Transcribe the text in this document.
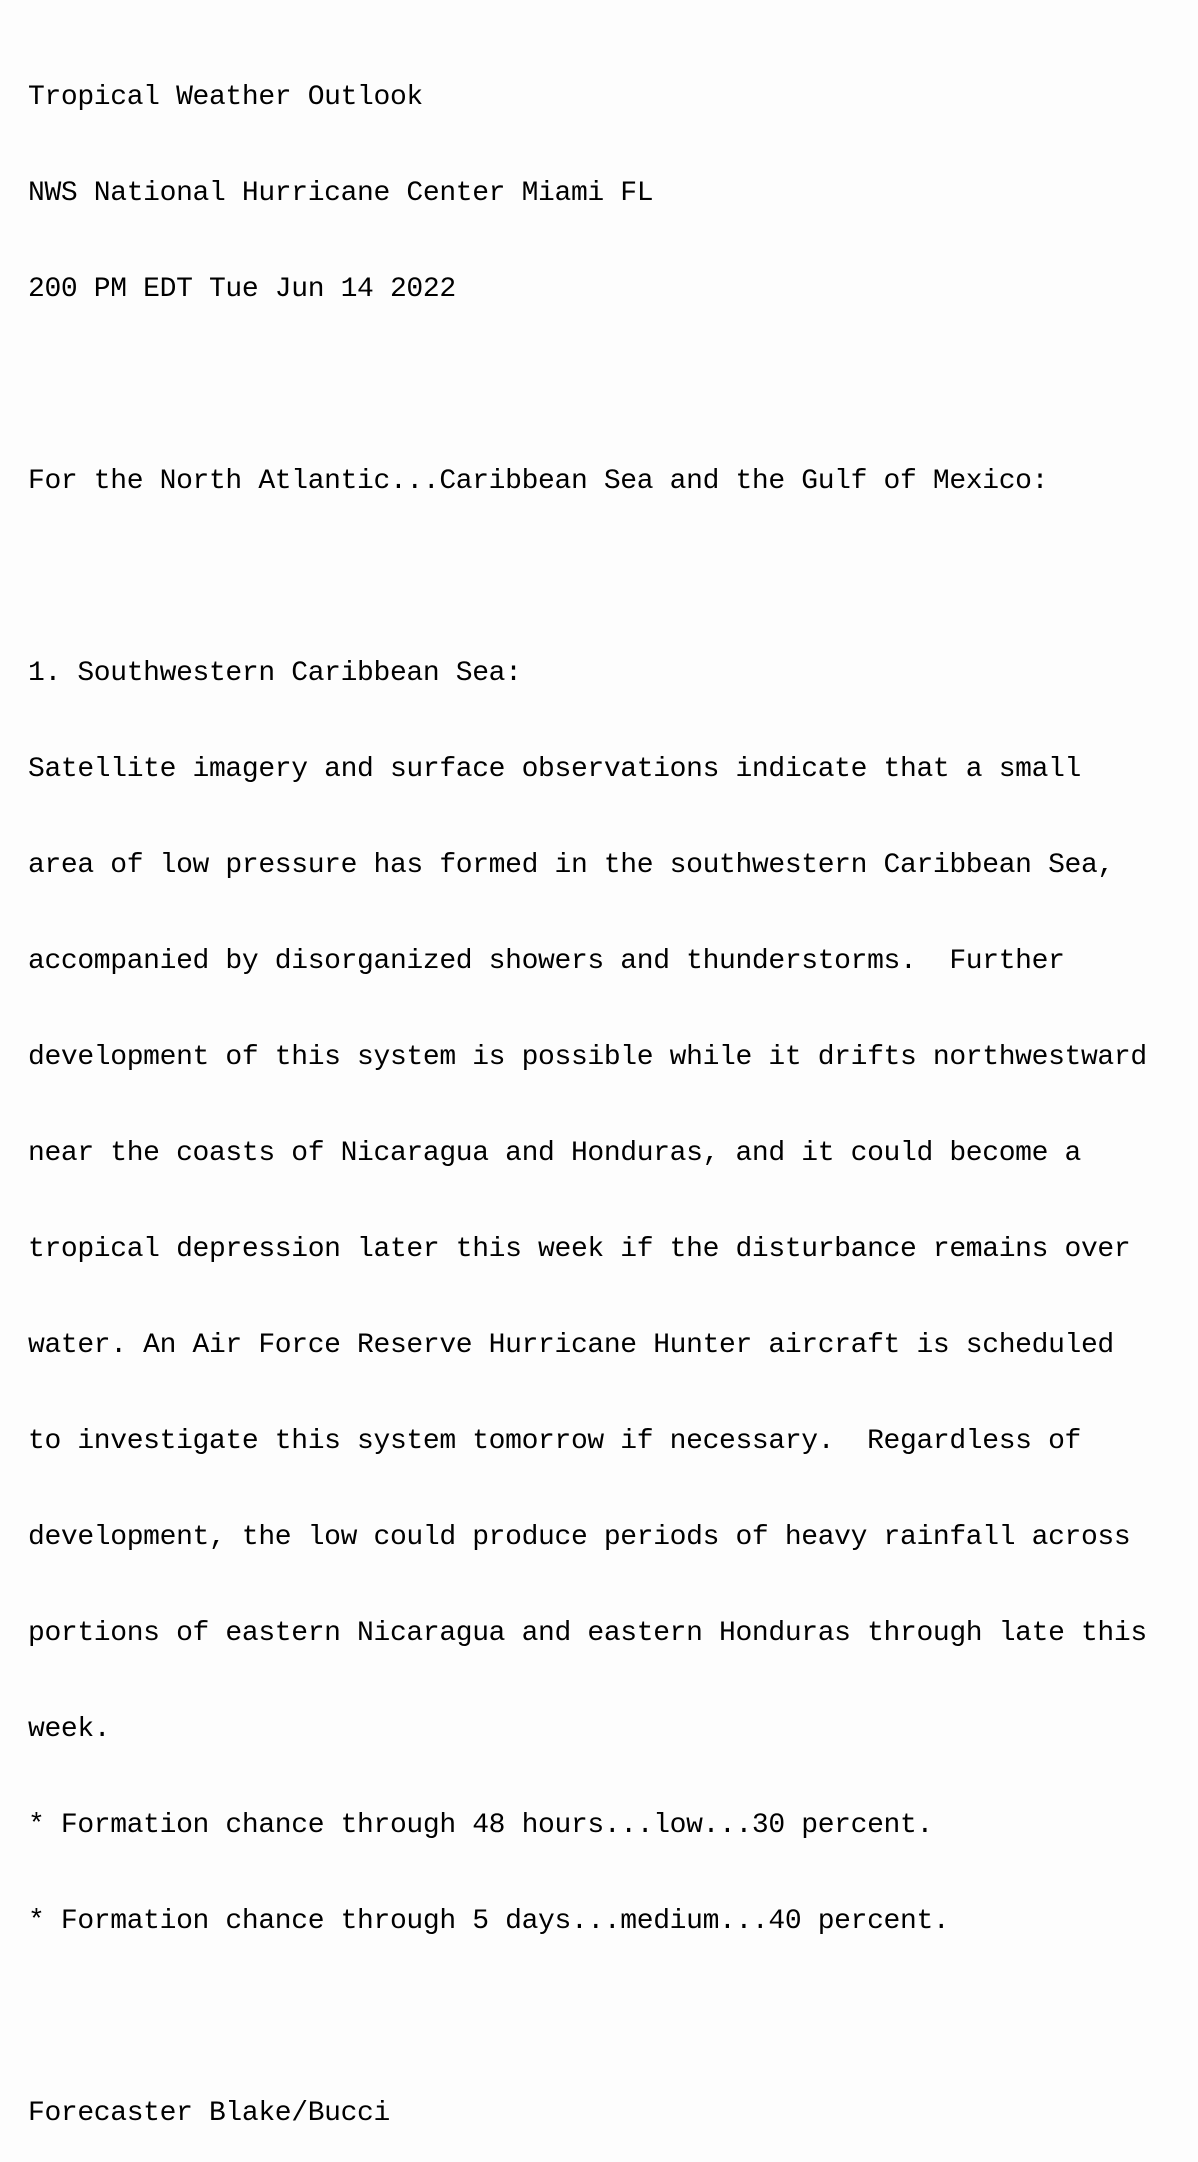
Tropical Weather Outlook

NWS National Hurricane Center Miami FL

200 PM EDT Tue Jun 14 2022

For the North Atlantic...Caribbean Sea and the Gulf of Mexico:

1. Southwestern Caribbean Sea:

Satellite imagery and surface observations indicate that a small

area of low pressure has formed in the southwestern Caribbean Sea,

accompanied by disorganized showers and thunderstorms.  Further

development of this system is possible while it drifts northwestward

near the coasts of Nicaragua and Honduras, and it could become a

tropical depression later this week if the disturbance remains over

water. An Air Force Reserve Hurricane Hunter aircraft is scheduled

to investigate this system tomorrow if necessary.  Regardless of

development, the low could produce periods of heavy rainfall across

portions of eastern Nicaragua and eastern Honduras through late this

week.

* Formation chance through 48 hours...low...30 percent.

* Formation chance through 5 days...medium...40 percent.

Forecaster Blake/Bucci
